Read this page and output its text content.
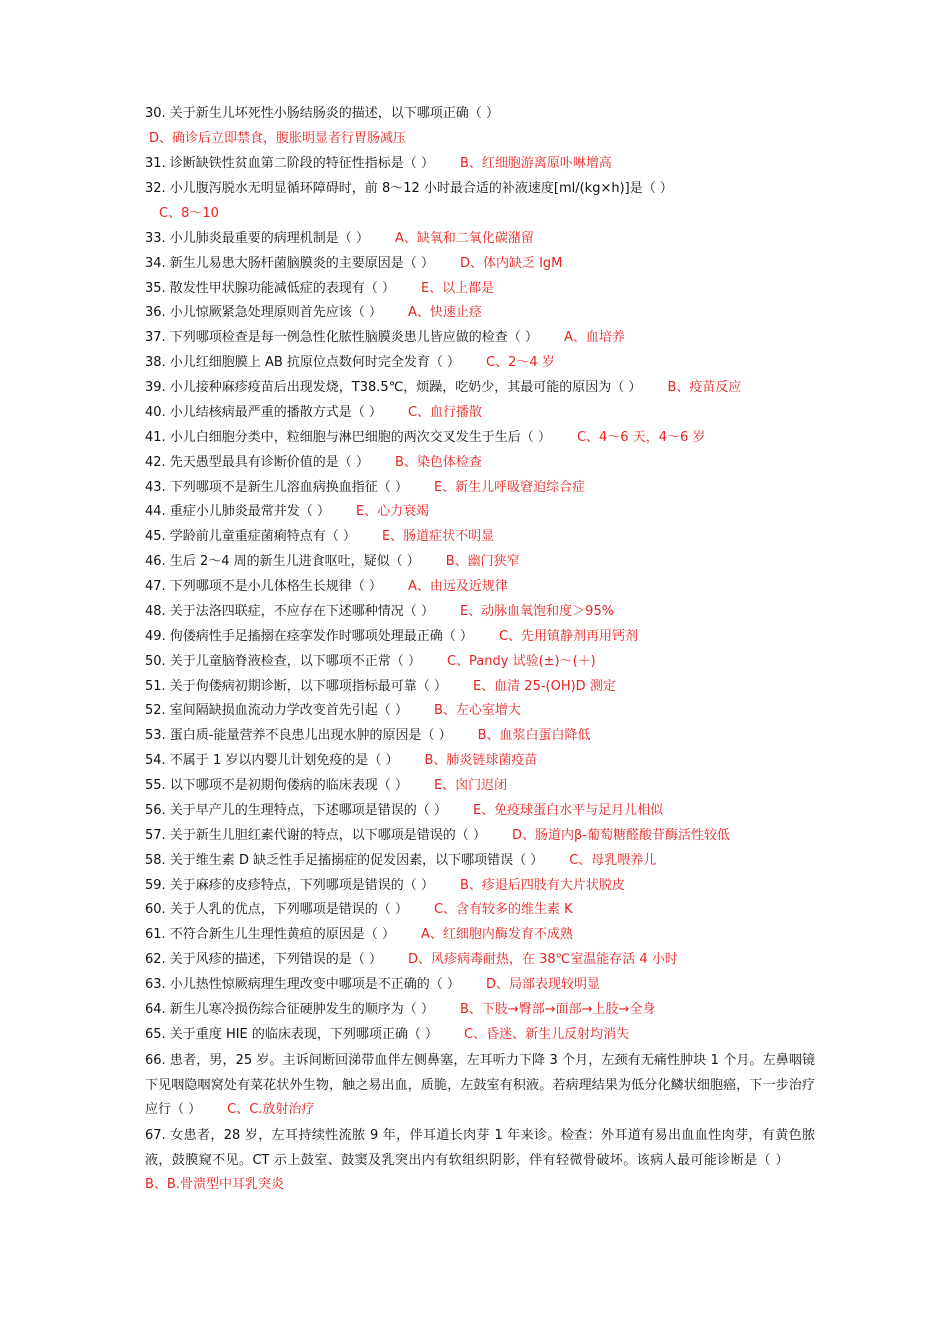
30. 关于新生儿坏死性小肠结肠炎的描述，以下哪项正确（ ）
D、确诊后立即禁食，腹胀明显者行胃肠减压
31. 诊断缺铁性贫血第二阶段的特征性指标是（ ） B、红细胞游离原卟啉增高
32. 小儿腹泻脱水无明显循环障碍时，前 8～12 小时最合适的补液速度[ml/(kg×h)]是（ ）
C、8～10
33. 小儿肺炎最重要的病理机制是（ ） A、缺氧和二氧化碳潴留
34. 新生儿易患大肠杆菌脑膜炎的主要原因是（ ） D、体内缺乏 IgM
35. 散发性甲状腺功能减低症的表现有（ ） E、以上都是
36. 小儿惊厥紧急处理原则首先应该（ ） A、快速止痉
37. 下列哪项检查是每一例急性化脓性脑膜炎患儿皆应做的检查（ ） A、血培养
38. 小儿红细胞膜上 AB 抗原位点数何时完全发育（ ） C、2～4 岁
39. 小儿接种麻疹疫苗后出现发烧，T38.5℃，烦躁，吃奶少，其最可能的原因为（ ） B、疫苗反应
40. 小儿结核病最严重的播散方式是（ ） C、血行播散
41. 小儿白细胞分类中，粒细胞与淋巴细胞的两次交叉发生于生后（ ） C、4～6 天，4～6 岁
42. 先天愚型最具有诊断价值的是（ ） B、染色体检查
43. 下列哪项不是新生儿溶血病换血指征（ ） E、新生儿呼吸窘迫综合症
44. 重症小儿肺炎最常并发（ ） E、心力衰竭
45. 学龄前儿童重症菌痢特点有（ ） E、肠道症状不明显
46. 生后 2～4 周的新生儿进食呕吐，疑似（ ） B、幽门狭窄
47. 下列哪项不是小儿体格生长规律（ ） A、由远及近规律
48. 关于法洛四联症，不应存在下述哪种情况（ ） E、动脉血氧饱和度＞95%
49. 佝偻病性手足搐搦在痉挛发作时哪项处理最正确（ ） C、先用镇静剂再用钙剂
50. 关于儿童脑脊液检查，以下哪项不正常（ ） C、Pandy 试验(±)～(＋)
51. 关于佝偻病初期诊断，以下哪项指标最可靠（ ） E、血清 25-(OH)D 测定
52. 室间隔缺损血流动力学改变首先引起（ ） B、左心室增大
53. 蛋白质-能量营养不良患儿出现水肿的原因是（ ） B、血浆白蛋白降低
54. 不属于 1 岁以内婴儿计划免疫的是（ ） B、肺炎链球菌疫苗
55. 以下哪项不是初期佝偻病的临床表现（ ） E、囟门迟闭
56. 关于早产儿的生理特点，下述哪项是错误的（ ） E、免疫球蛋白水平与足月儿相似
57. 关于新生儿胆红素代谢的特点，以下哪项是错误的（ ） D、肠道内β-葡萄糖醛酸苷酶活性较低
58. 关于维生素 D 缺乏性手足搐搦症的促发因素，以下哪项错误（ ） C、母乳喂养儿
59. 关于麻疹的皮疹特点，下列哪项是错误的（ ） B、疹退后四肢有大片状脱皮
60. 关于人乳的优点，下列哪项是错误的（ ） C、含有较多的维生素 K
61. 不符合新生儿生理性黄疸的原因是（ ） A、红细胞内酶发育不成熟
62. 关于风疹的描述，下列错误的是（ ） D、风疹病毒耐热，在 38℃室温能存活 4 小时
63. 小儿热性惊厥病理生理改变中哪项是不正确的（ ） D、局部表现较明显
64. 新生儿寒冷损伤综合征硬肿发生的顺序为（ ） B、下肢→臀部→面部→上肢→全身
65. 关于重度 HIE 的临床表现，下列哪项正确（ ） C、昏迷、新生儿反射均消失
66. 患者，男，25 岁。主诉间断回涕带血伴左侧鼻塞，左耳听力下降 3 个月，左颈有无痛性肿块 1 个月。左鼻咽镜下见咽隐咽窝处有菜花状外生物，触之易出血，质脆，左鼓室有积液。若病理结果为低分化鳞状细胞癌，下一步治疗应行（ ） C、C.放射治疗
67. 女患者，28 岁，左耳持续性流脓 9 年，伴耳道长肉芽 1 年来诊。检查：外耳道有易出血血性肉芽，有黄色脓液，鼓膜窥不见。CT 示上鼓室、鼓窦及乳突出内有软组织阴影，伴有轻微骨破坏。该病人最可能诊断是（ ）B、B.骨溃型中耳乳突炎
